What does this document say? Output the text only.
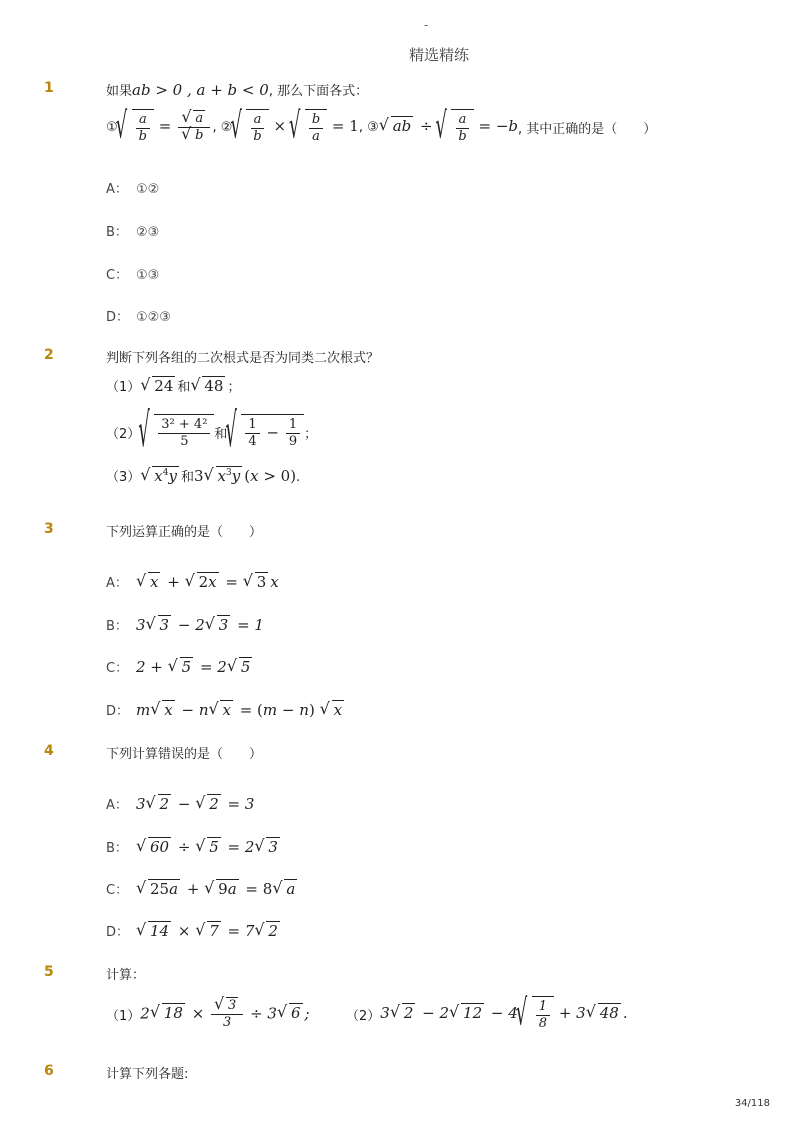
-
精选精练
1	如果ab > 0 , a + b < 0, 那么下面各式：
①
√ $\frac{a}{b}$ =
√ a
√ b , ②
√ $\frac{a}{b}$ ×
√ $\frac{b}{a} = 1$ , ③
√ ab ÷
√ $\frac{a}{b} = -b$ , 其中正确的是（　　）
A： ①②
B： ②③
C： ①③
D： ①②③
2	判断下列各组的二次根式是否为同类二次根式？
（1）√ 24 和√ 48 ；
（2）
√ $\frac{\text{3² + 4²}}{5}$ 和
√ $\frac{1}{4} - \frac{1}{9}$ ；
（3）√ $x^4y$ 和3√ $x^3y$ (x > 0).
3	下列运算正确的是（　　）
A：√ x + √ 2x = √ 3 x
B： 3√ 3 − 2√ 3 = 1
C： 2 + √ 5 = 2√ 5
D： m√ x − n√ x = (m − n) √ x
4	下列计算错误的是（　　）
A： 3√ 2 − √ 2 = 3
B：√ 60 ÷ √ 5 = 2√ 3
C：√ 25a + √ 9a = 8√ a
D：√ 14 × √ 7 = 7√ 2
5	计算：
（1） 2√ 18 ×
√ $\frac{3}{3} \div 3√$ 6 ;	（2） 3√ 2 − 2√ 12 − 4
√ $\frac{1}{8} + 3√$ 48 .
6	计算下列各题:
34/118
